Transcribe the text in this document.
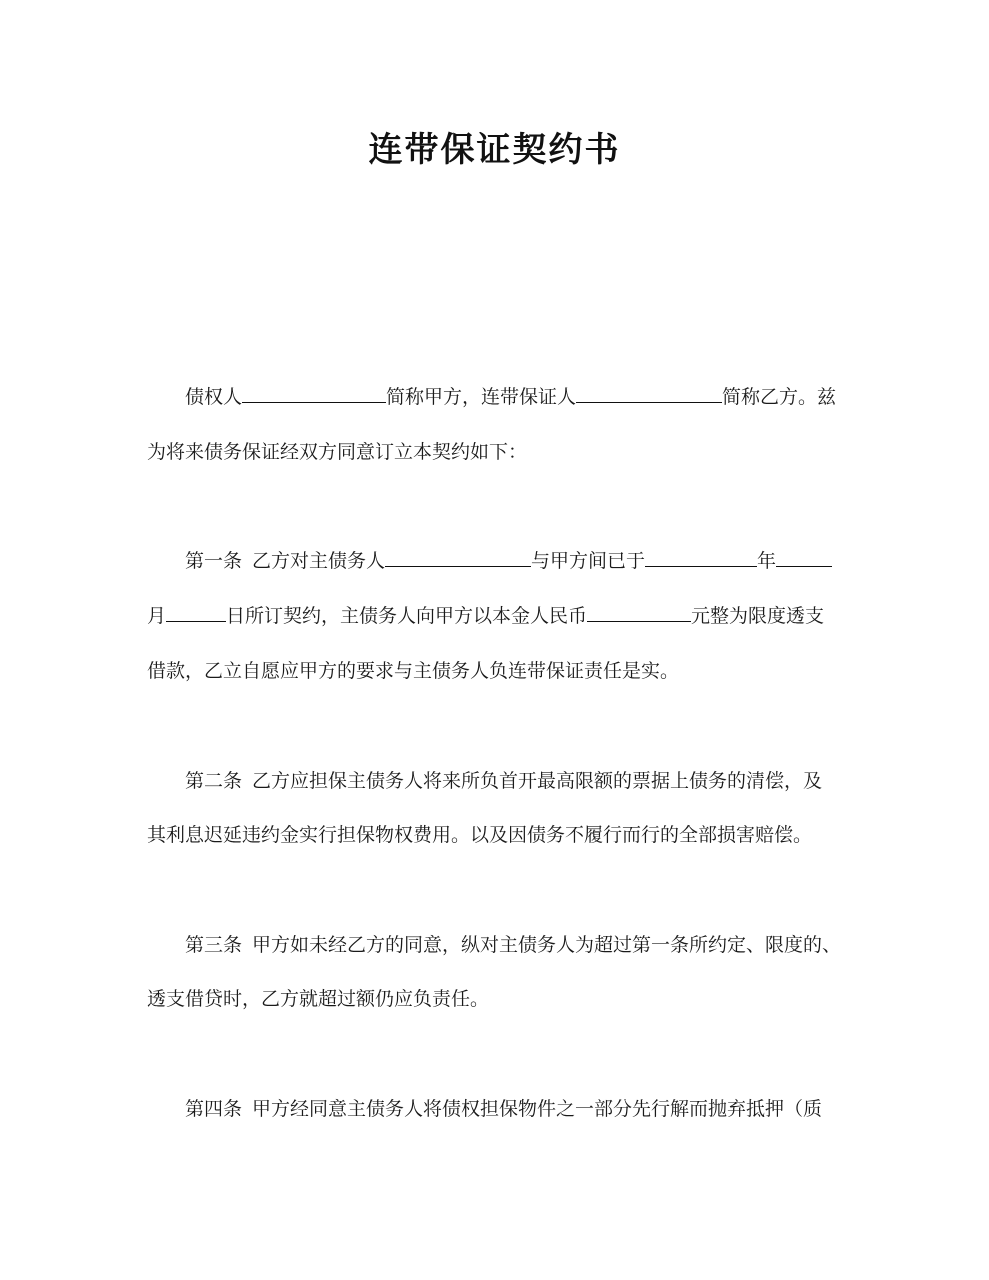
连带保证契约书
债权人	简称甲方，连带保证人	简称乙方。兹
为将来债务保证经双方同意订立本契约如下：
第一条 乙方对主债务人	与甲方间已于	年
月	日所订契约，主债务人向甲方以本金人民币	元整为限度透支
借款，乙立自愿应甲方的要求与主债务人负连带保证责任是实。
第二条 乙方应担保主债务人将来所负首开最高限额的票据上债务的清偿，及
其利息迟延违约金实行担保物权费用。以及因债务不履行而行的全部损害赔偿。
第三条 甲方如未经乙方的同意，纵对主债务人为超过第一条所约定、限度的、
透支借贷时，乙方就超过额仍应负责任。
第四条 甲方经同意主债务人将债权担保物件之一部分先行解而抛弃抵押（质
